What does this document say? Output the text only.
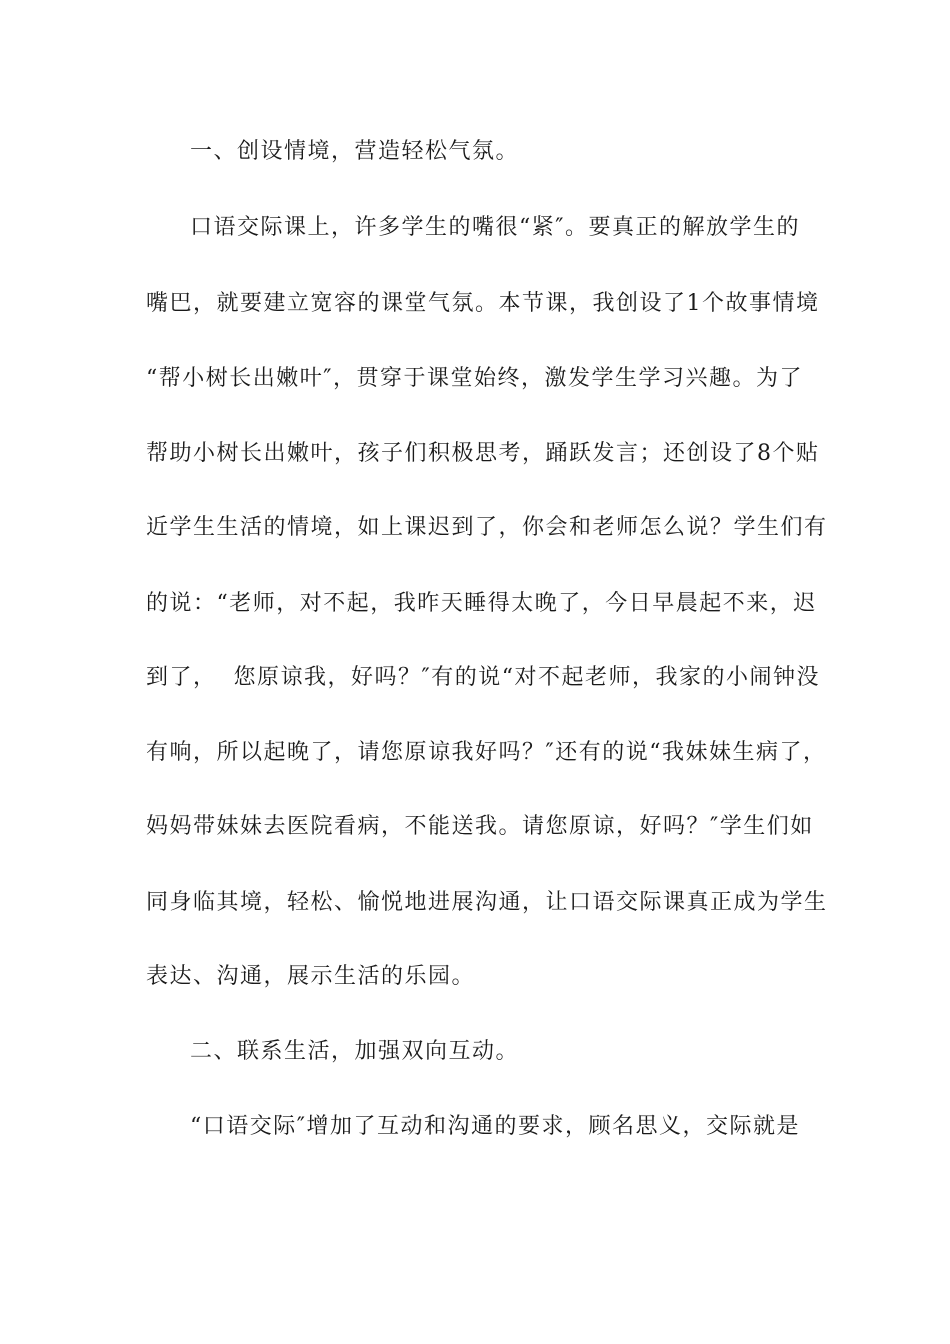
一、创设情境，营造轻松气氛。
口语交际课上，许多学生的嘴很“紧″。要真正的解放学生的
嘴巴，就要建立宽容的课堂气氛。本节课，我创设了1个故事情境
“帮小树长出嫩叶″，贯穿于课堂始终，激发学生学习兴趣。为了
帮助小树长出嫩叶，孩子们积极思考，踊跃发言；还创设了8个贴
近学生生活的情境，如上课迟到了，你会和老师怎么说？学生们有
的说：“老师，对不起，我昨天睡得太晚了，今日早晨起不来，迟
到了，  您原谅我，好吗？″有的说“对不起老师，我家的小闹钟没
有响，所以起晚了，请您原谅我好吗？″还有的说“我妹妹生病了，
妈妈带妹妹去医院看病，不能送我。请您原谅，好吗？″学生们如
同身临其境，轻松、愉悦地进展沟通，让口语交际课真正成为学生
表达、沟通，展示生活的乐园。
二、联系生活，加强双向互动。
“口语交际″增加了互动和沟通的要求，顾名思义，交际就是
